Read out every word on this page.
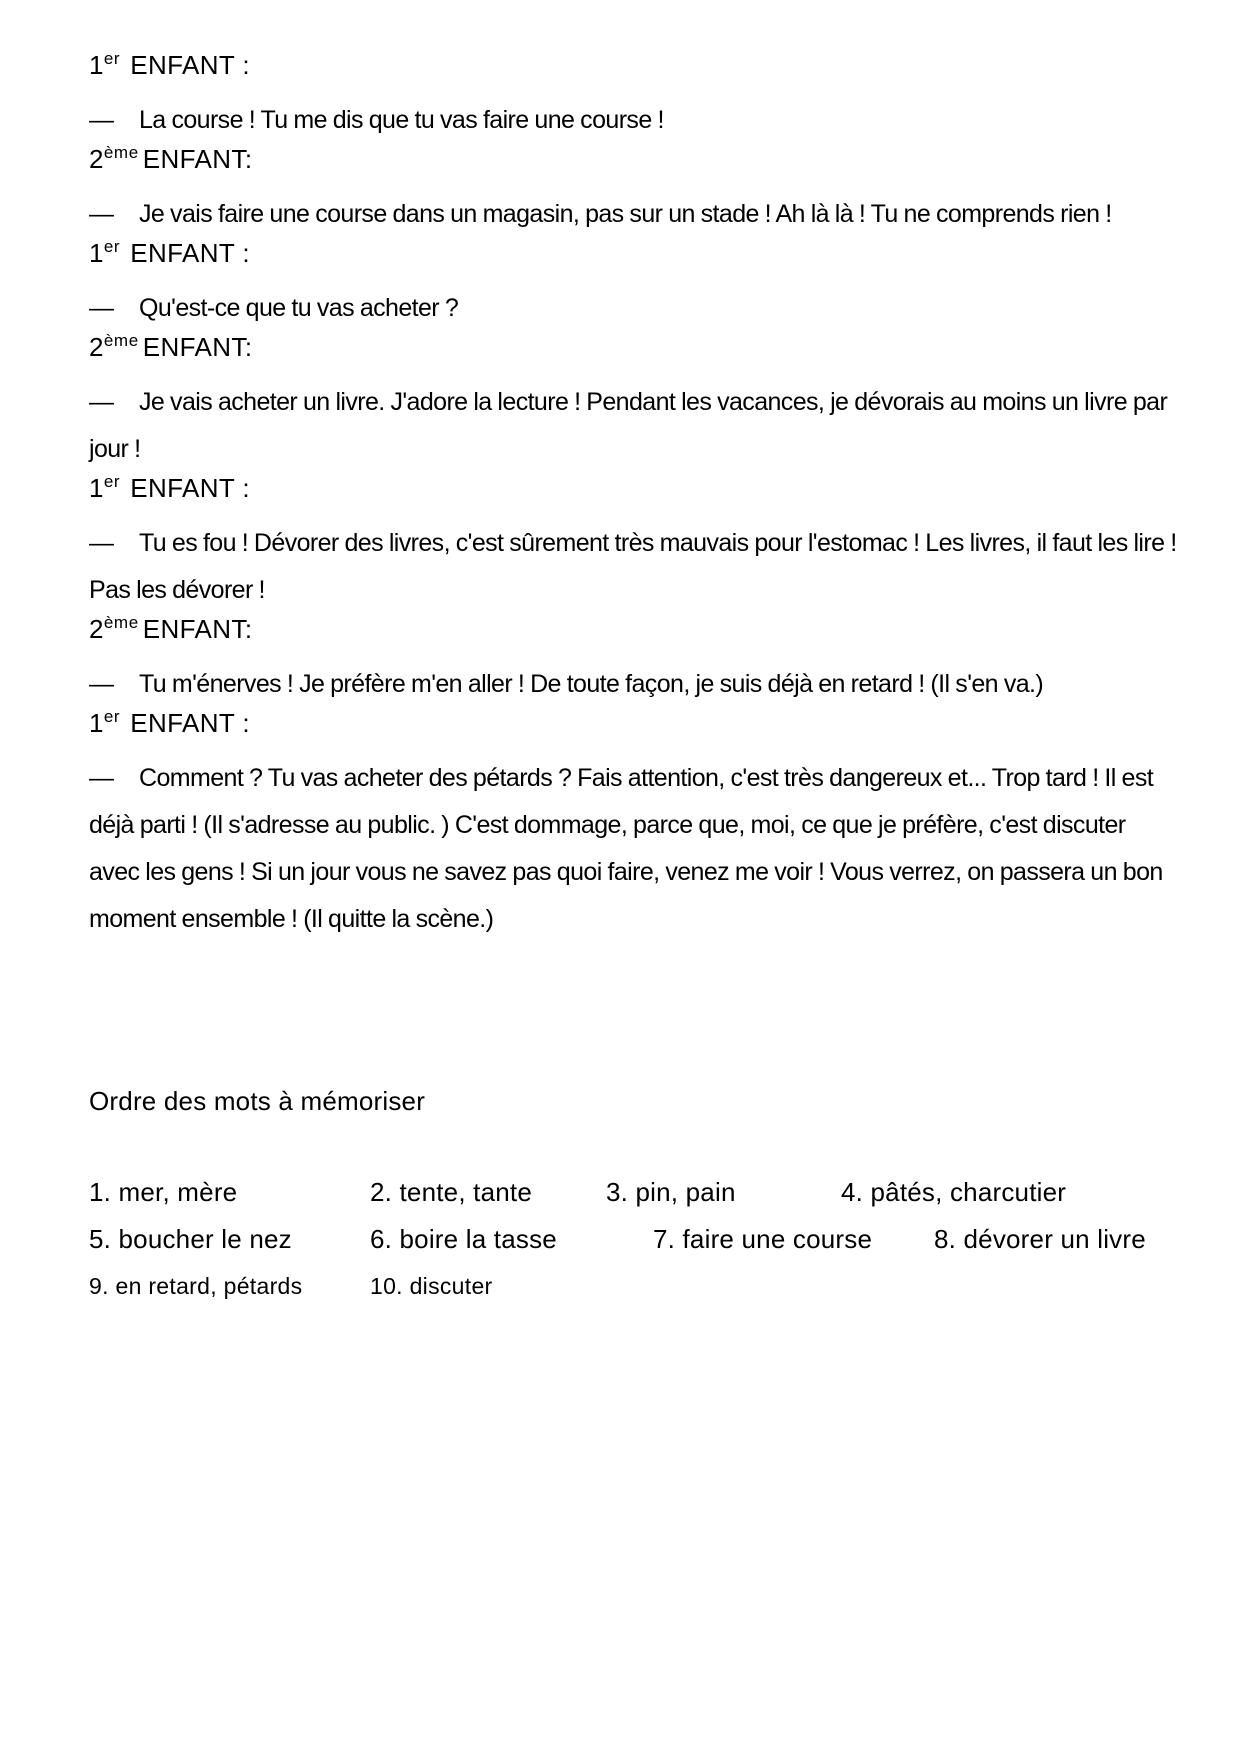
1er ENFANT :
— La course ! Tu me dis que tu vas faire une course !
2ème ENFANT:
— Je vais faire une course dans un magasin, pas sur un stade ! Ah là là ! Tu ne comprends rien !
1er ENFANT :
— Qu'est-ce que tu vas acheter ?
2ème ENFANT:
— Je vais acheter un livre. J'adore la lecture ! Pendant les vacances, je dévorais au moins un livre par jour !
1er ENFANT :
— Tu es fou ! Dévorer des livres, c'est sûrement très mauvais pour l'estomac ! Les livres, il faut les lire ! Pas les dévorer !
2ème ENFANT:
— Tu m'énerves ! Je préfère m'en aller ! De toute façon, je suis déjà en retard ! (Il s'en va.)
1er ENFANT :
— Comment ? Tu vas acheter des pétards ? Fais attention, c'est très dangereux et... Trop tard ! Il est déjà parti ! (Il s'adresse au public. ) C'est dommage, parce que, moi, ce que je préfère, c'est discuter avec les gens ! Si un jour vous ne savez pas quoi faire, venez me voir ! Vous verrez, on passera un bon moment ensemble ! (Il quitte la scène.)
Ordre des mots à mémoriser
1. mer, mère	2. tente, tante	3. pin, pain	4. pâtés, charcutier
5. boucher le nez	6. boire la tasse	7. faire une course 8. dévorer un livre
9. en retard, pétards	10. discuter
